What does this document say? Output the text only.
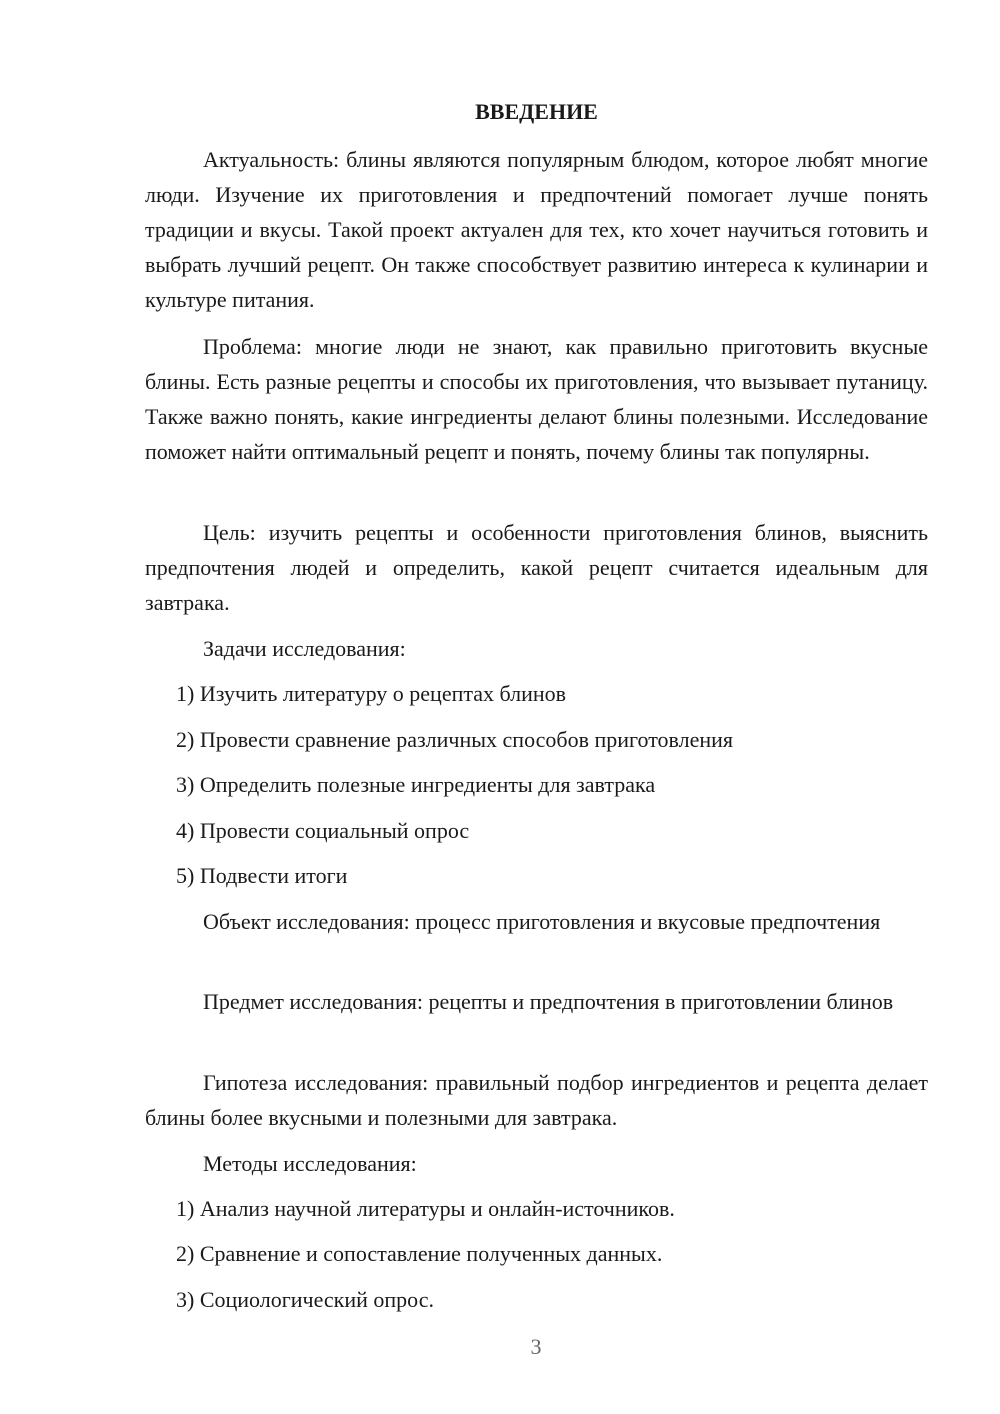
ВВЕДЕНИЕ

Актуальность: блины являются популярным блюдом, которое любят многие люди. Изучение их приготовления и предпочтений помогает лучше понять традиции и вкусы. Такой проект актуален для тех, кто хочет научиться готовить и выбрать лучший рецепт. Он также способствует развитию интереса к кулинарии и культуре питания.

Проблема: многие люди не знают, как правильно приготовить вкусные блины. Есть разные рецепты и способы их приготовления, что вызывает путаницу. Также важно понять, какие ингредиенты делают блины полезными. Исследование поможет найти оптимальный рецепт и понять, почему блины так популярны.

Цель: изучить рецепты и особенности приготовления блинов, выяснить предпочтения людей и определить, какой рецепт считается идеальным для завтрака.

Задачи исследования:

1) Изучить литературу о рецептах блинов

2) Провести сравнение различных способов приготовления

3) Определить полезные ингредиенты для завтрака

4) Провести социальный опрос

5) Подвести итоги

Объект исследования: процесс приготовления и вкусовые предпочтения

Предмет исследования: рецепты и предпочтения в приготовлении блинов

Гипотеза исследования: правильный подбор ингредиентов и рецепта делает блины более вкусными и полезными для завтрака.

Методы исследования:

1) Анализ научной литературы и онлайн-источников.

2) Сравнение и сопоставление полученных данных.

3) Социологический опрос.

3
